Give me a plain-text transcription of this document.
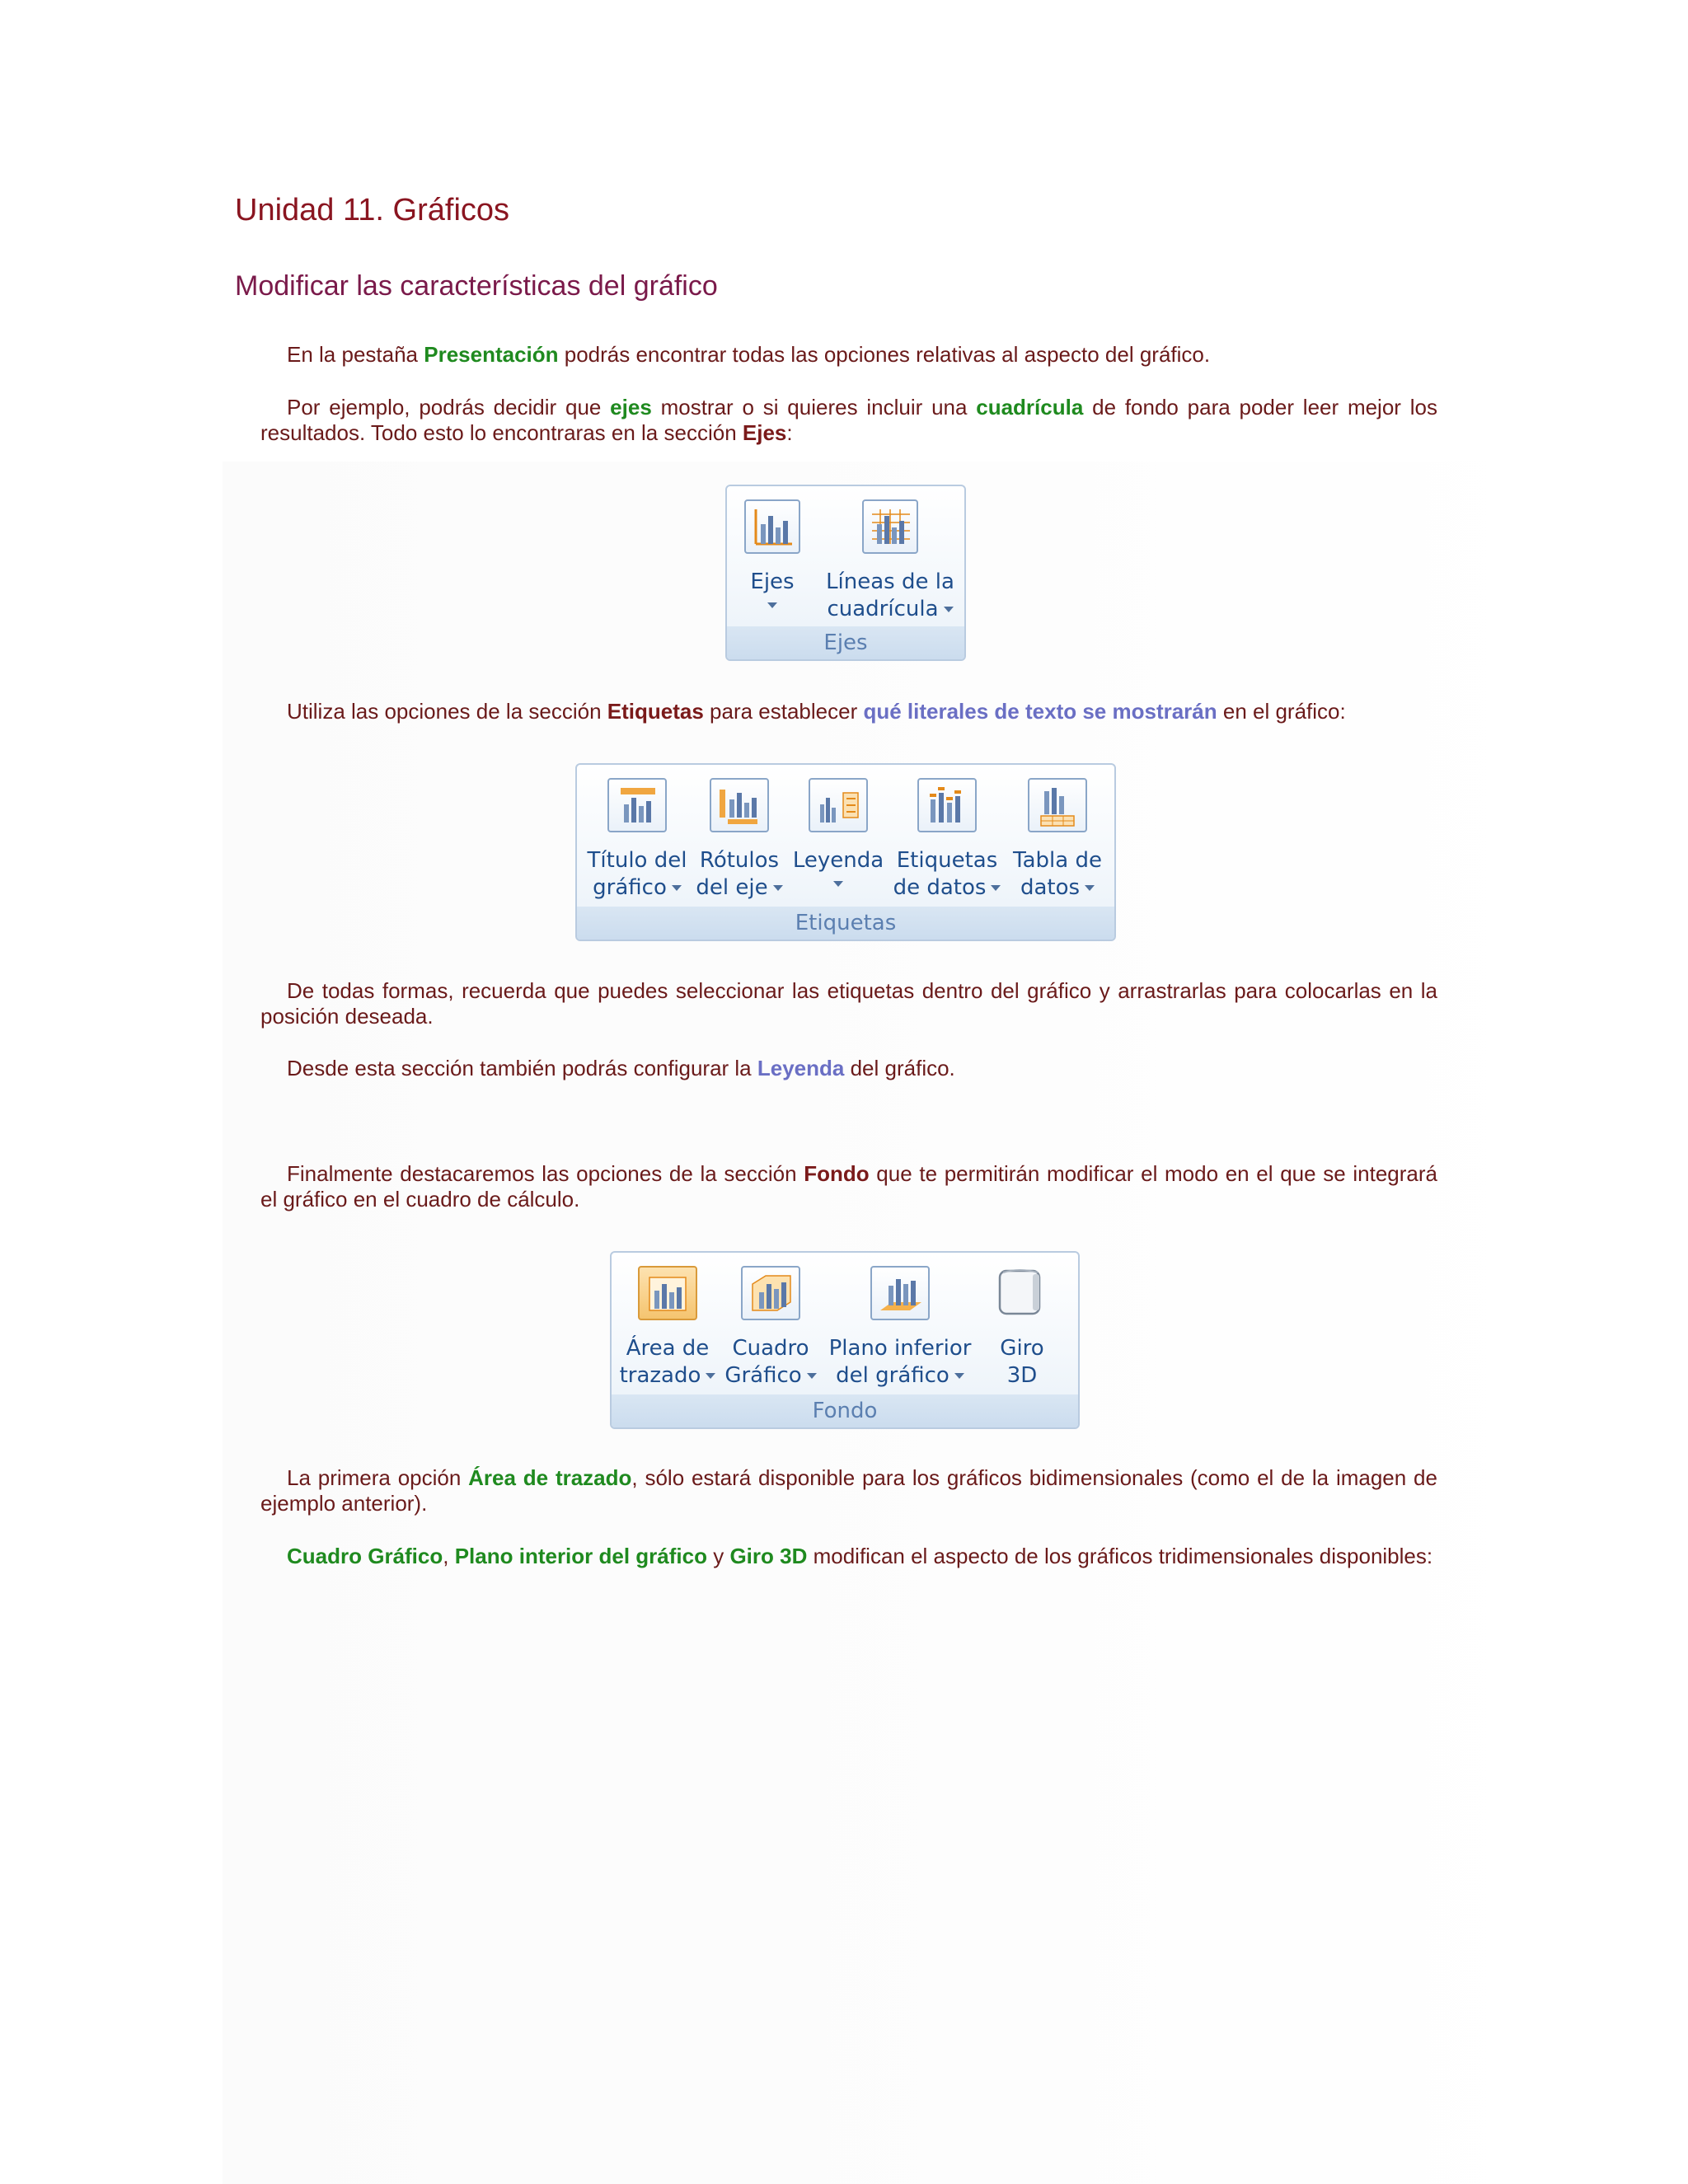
Unidad 11. Gráficos
Modificar las características del gráfico

En la pestaña Presentación podrás encontrar todas las opciones relativas al aspecto del gráfico.

Por ejemplo, podrás decidir que ejes mostrar o si quieres incluir una cuadrícula de fondo para poder leer mejor los resultados. Todo esto lo encontraras en la sección Ejes:

Ejes	Líneas de la
cuadrícula
Ejes

Utiliza las opciones de la sección Etiquetas para establecer qué literales de texto se mostrarán en el gráfico:

Título del
gráfico
Rótulos
del eje
Leyenda Etiquetas
de datos
Tabla de
datos
Etiquetas

De todas formas, recuerda que puedes seleccionar las etiquetas dentro del gráfico y arrastrarlas para colocarlas en la posición deseada.

Desde esta sección también podrás configurar la Leyenda del gráfico.

Finalmente destacaremos las opciones de la sección Fondo que te permitirán modificar el modo en el que se integrará el gráfico en el cuadro de cálculo.

Área de
trazado
Cuadro
Gráfico
Plano inferior
del gráfico
Giro
3D
Fondo

La primera opción Área de trazado, sólo estará disponible para los gráficos bidimensionales (como el de la imagen de ejemplo anterior).

Cuadro Gráfico, Plano interior del gráfico y Giro 3D modifican el aspecto de los gráficos tridimensionales disponibles:
